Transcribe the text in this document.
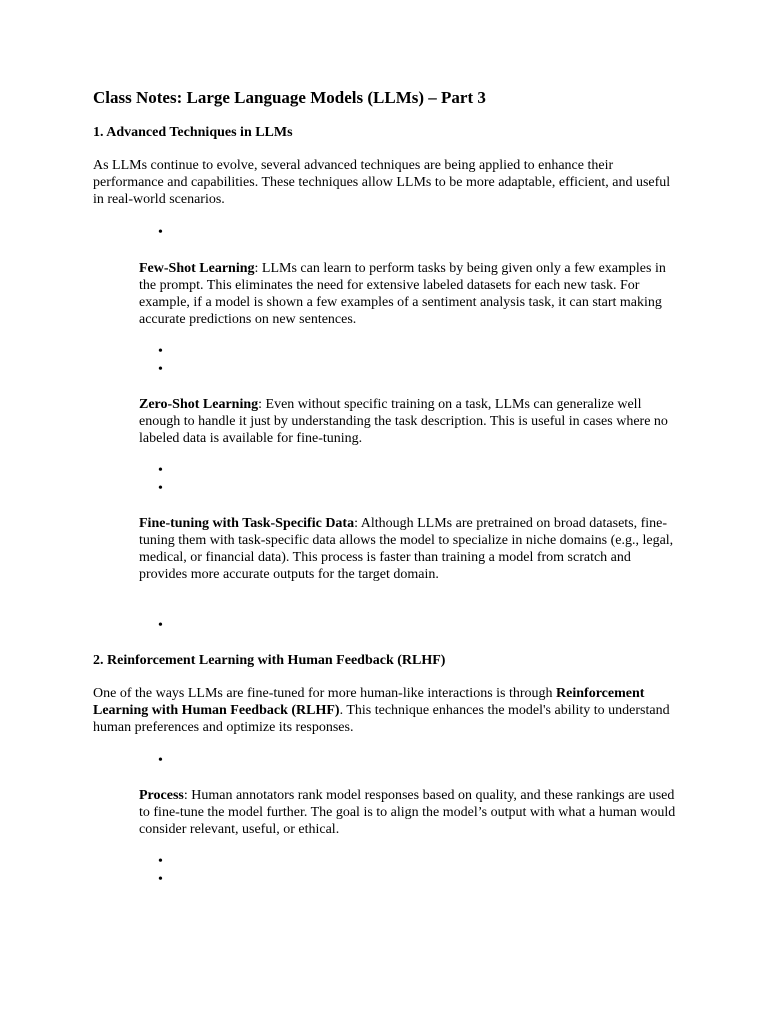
Class Notes: Large Language Models (LLMs) – Part 3
1. Advanced Techniques in LLMs

As LLMs continue to evolve, several advanced techniques are being applied to enhance their performance and capabilities. These techniques allow LLMs to be more adaptable, efficient, and useful in real-world scenarios.

•

Few-Shot Learning: LLMs can learn to perform tasks by being given only a few examples in the prompt. This eliminates the need for extensive labeled datasets for each new task. For example, if a model is shown a few examples of a sentiment analysis task, it can start making accurate predictions on new sentences.

•
•

Zero-Shot Learning: Even without specific training on a task, LLMs can generalize well enough to handle it just by understanding the task description. This is useful in cases where no labeled data is available for fine-tuning.

•
•

Fine-tuning with Task-Specific Data: Although LLMs are pretrained on broad datasets, fine-tuning them with task-specific data allows the model to specialize in niche domains (e.g., legal, medical, or financial data). This process is faster than training a model from scratch and provides more accurate outputs for the target domain.

•
2. Reinforcement Learning with Human Feedback (RLHF)

One of the ways LLMs are fine-tuned for more human-like interactions is through Reinforcement Learning with Human Feedback (RLHF). This technique enhances the model's ability to understand human preferences and optimize its responses.

•

Process: Human annotators rank model responses based on quality, and these rankings are used to fine-tune the model further. The goal is to align the model’s output with what a human would consider relevant, useful, or ethical.

•
•
